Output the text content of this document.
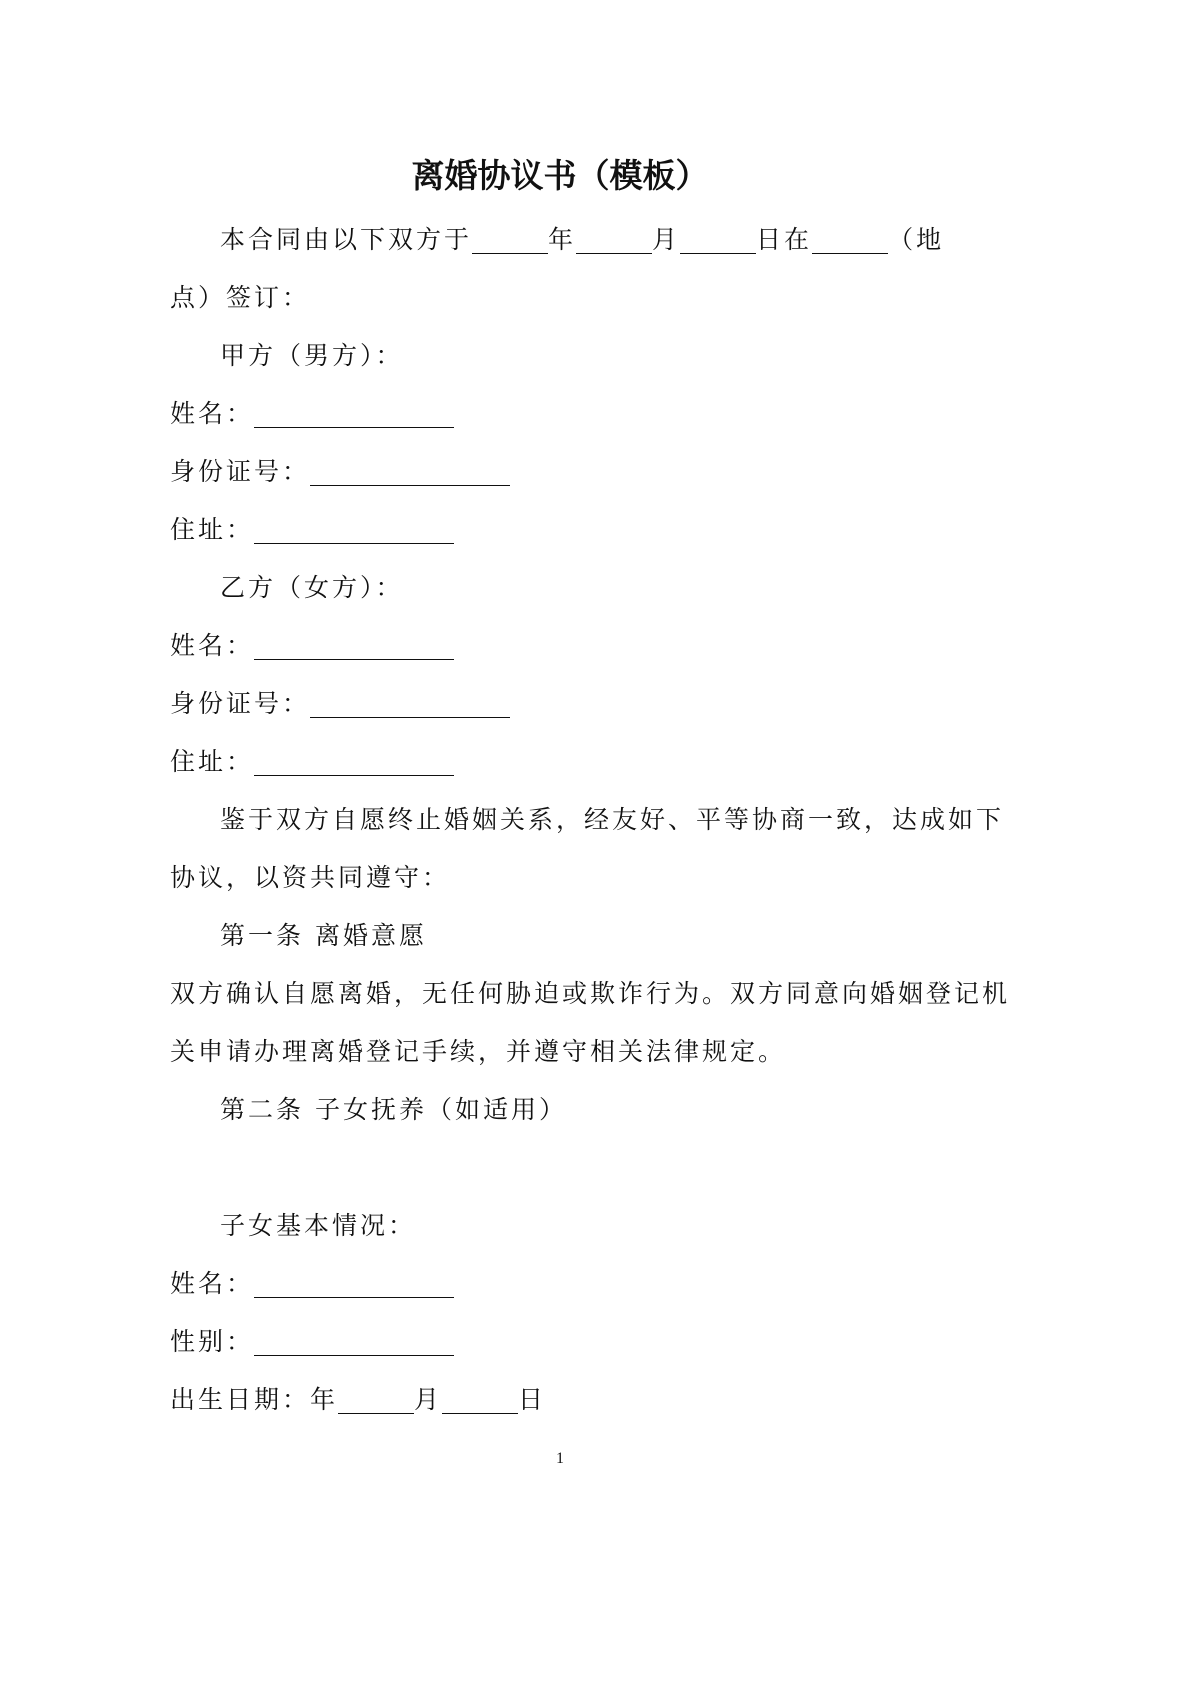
离婚协议书（模板）
本合同由以下双方于	年	月	日在	（地
点）签订：
甲方（男方）：
姓名：
身份证号：
住址：
乙方（女方）：
姓名：
身份证号：
住址：
鉴于双方自愿终止婚姻关系，经友好、平等协商一致，达成如下
协议，以资共同遵守：
第一条 离婚意愿
双方确认自愿离婚，无任何胁迫或欺诈行为。双方同意向婚姻登记机
关申请办理离婚登记手续，并遵守相关法律规定。
第二条 子女抚养（如适用）
子女基本情况：
姓名：
性别：
出生日期：年	月	日
1
